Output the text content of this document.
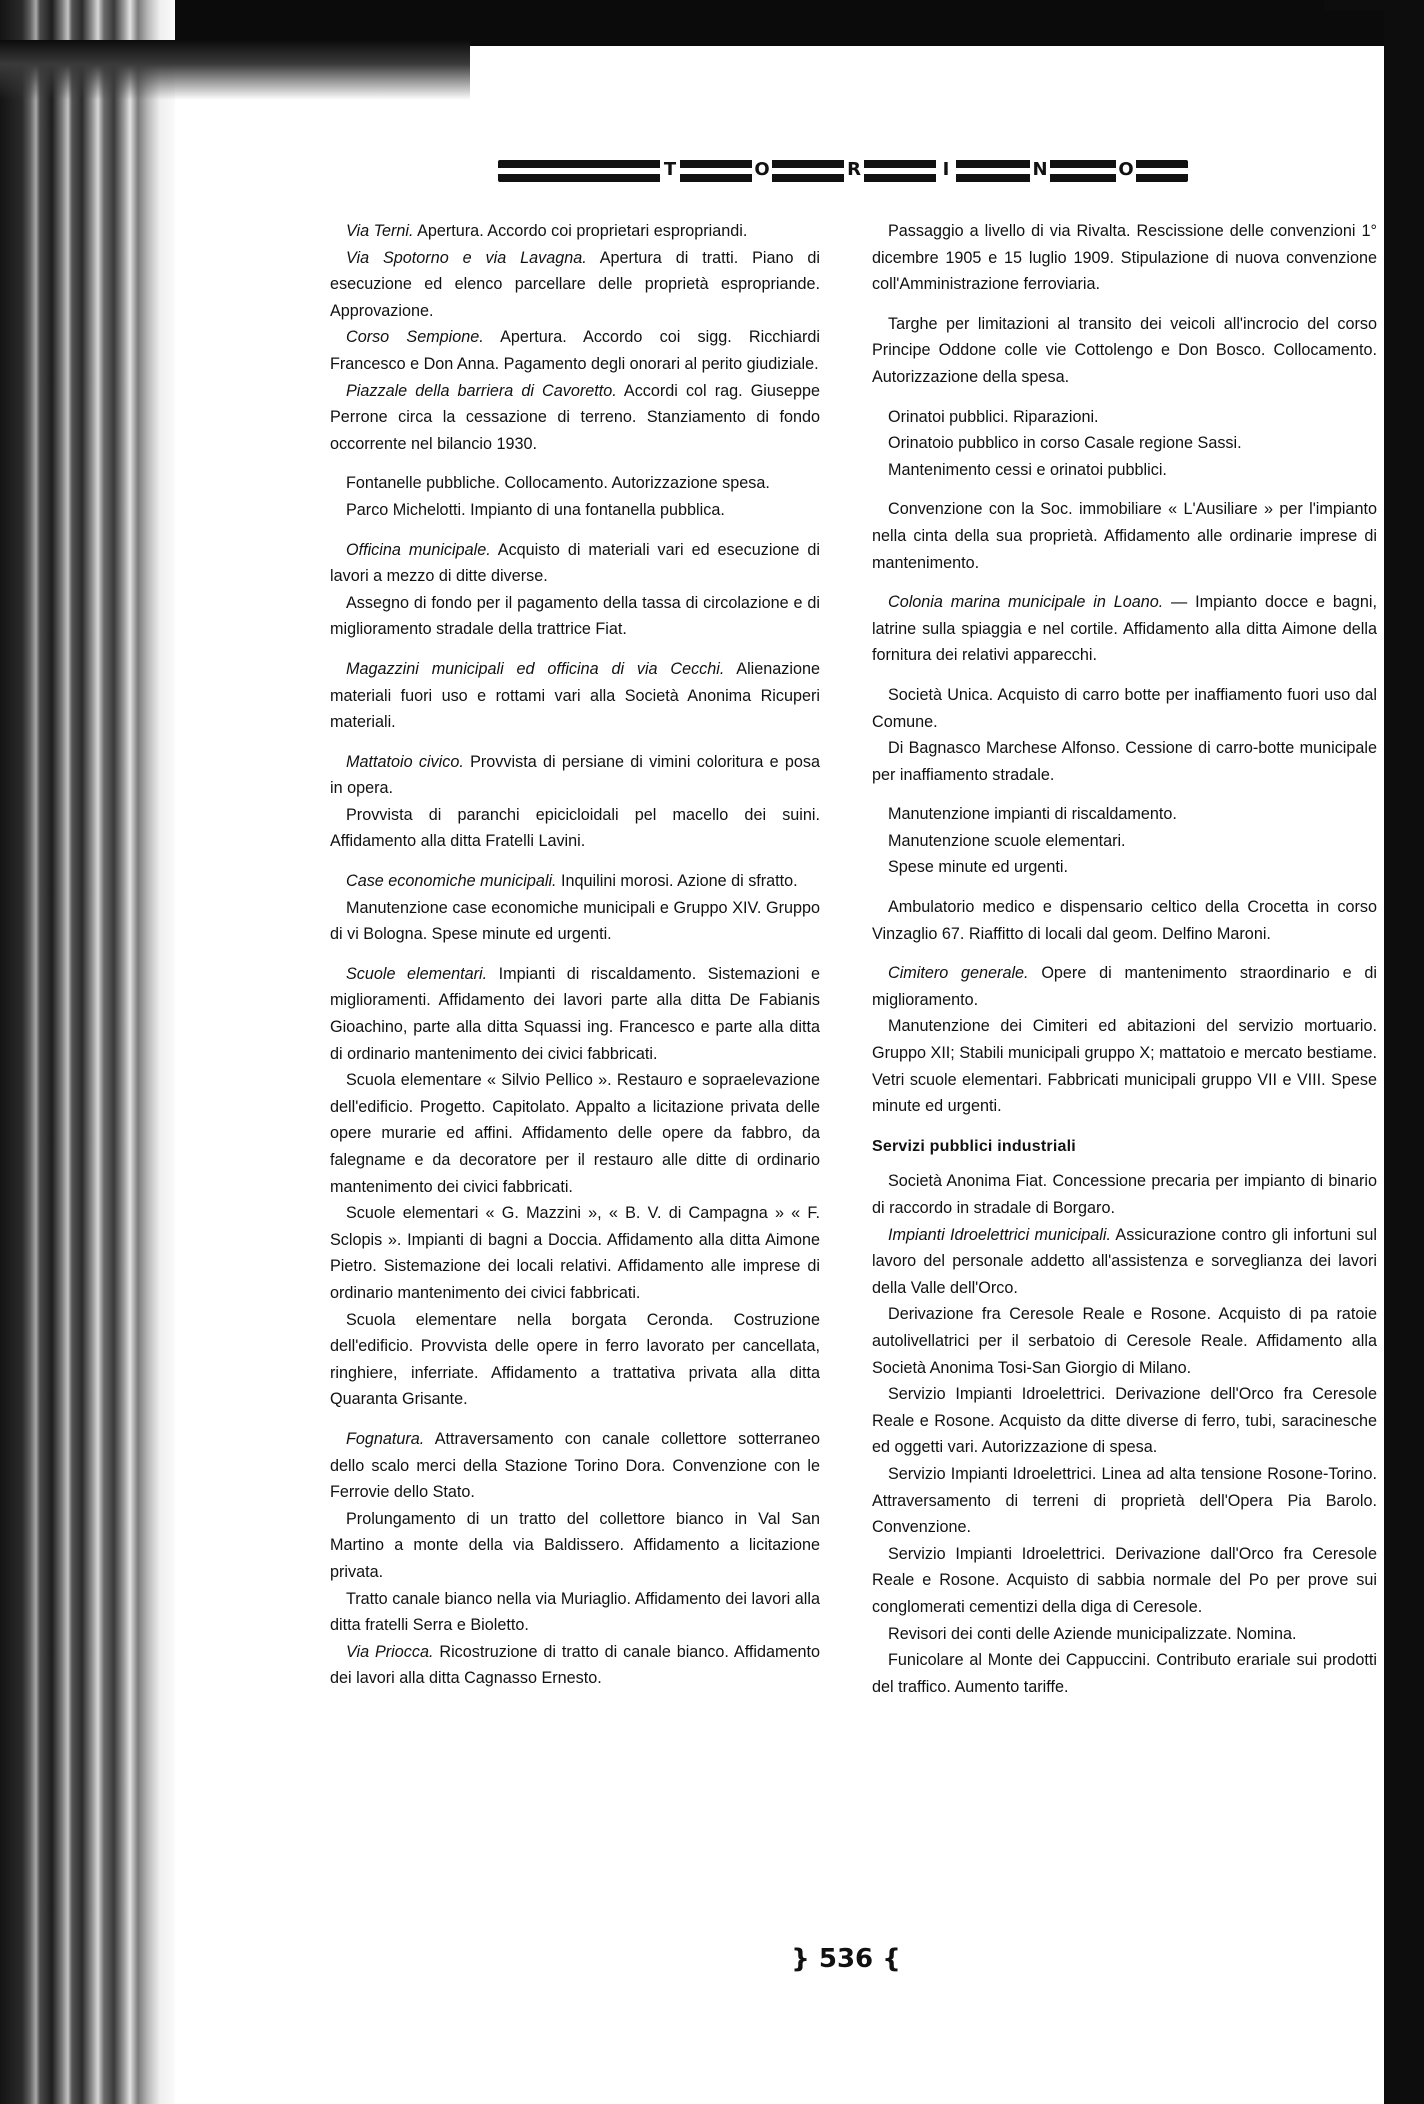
T	O	R	I	N	O

Via Terni. Apertura. Accordo coi proprietari espropriandi.

Via Spotorno e via Lavagna. Apertura di tratti. Piano di esecuzione ed elenco parcellare delle proprietà espropriande. Approvazione.

Corso Sempione. Apertura. Accordo coi sigg. Ricchiardi Francesco e Don Anna. Pagamento degli onorari al perito giudiziale.

Piazzale della barriera di Cavoretto. Accordi col rag. Giuseppe Perrone circa la cessazione di terreno. Stanziamento di fondo occorrente nel bilancio 1930.

Fontanelle pubbliche. Collocamento. Autorizzazione spesa.

Parco Michelotti. Impianto di una fontanella pubblica.

Officina municipale. Acquisto di materiali vari ed esecuzione di lavori a mezzo di ditte diverse.

Assegno di fondo per il pagamento della tassa di circolazione e di miglioramento stradale della trattrice Fiat.

Magazzini municipali ed officina di via Cecchi. Alienazione materiali fuori uso e rottami vari alla Società Anonima Ricuperi materiali.

Mattatoio civico. Provvista di persiane di vimini coloritura e posa in opera.

Provvista di paranchi epicicloidali pel macello dei suini. Affidamento alla ditta Fratelli Lavini.

Case economiche municipali. Inquilini morosi. Azione di sfratto.

Manutenzione case economiche municipali e Gruppo XIV. Gruppo di vi Bologna. Spese minute ed urgenti.

Scuole elementari. Impianti di riscaldamento. Sistemazioni e miglioramenti. Affidamento dei lavori parte alla ditta De Fabianis Gioachino, parte alla ditta Squassi ing. Francesco e parte alla ditta di ordinario mantenimento dei civici fabbricati.

Scuola elementare « Silvio Pellico ». Restauro e sopraelevazione dell'edificio. Progetto. Capitolato. Appalto a licitazione privata delle opere murarie ed affini. Affidamento delle opere da fabbro, da falegname e da decoratore per il restauro alle ditte di ordinario mantenimento dei civici fabbricati.

Scuole elementari « G. Mazzini », « B. V. di Campagna » « F. Sclopis ». Impianti di bagni a Doccia. Affidamento alla ditta Aimone Pietro. Sistemazione dei locali relativi. Affidamento alle imprese di ordinario mantenimento dei civici fabbricati.

Scuola elementare nella borgata Ceronda. Costruzione dell'edificio. Provvista delle opere in ferro lavorato per cancellata, ringhiere, inferriate. Affidamento a trattativa privata alla ditta Quaranta Grisante.

Fognatura. Attraversamento con canale collettore sotterraneo dello scalo merci della Stazione Torino Dora. Convenzione con le Ferrovie dello Stato.

Prolungamento di un tratto del collettore bianco in Val San Martino a monte della via Baldissero. Affidamento a licitazione privata.

Tratto canale bianco nella via Muriaglio. Affidamento dei lavori alla ditta fratelli Serra e Bioletto.

Via Priocca. Ricostruzione di tratto di canale bianco. Affidamento dei lavori alla ditta Cagnasso Ernesto.

Passaggio a livello di via Rivalta. Rescissione delle convenzioni 1° dicembre 1905 e 15 luglio 1909. Stipulazione di nuova convenzione coll'Amministrazione ferroviaria.

Targhe per limitazioni al transito dei veicoli all'incrocio del corso Principe Oddone colle vie Cottolengo e Don Bosco. Collocamento. Autorizzazione della spesa.

Orinatoi pubblici. Riparazioni.

Orinatoio pubblico in corso Casale regione Sassi.

Mantenimento cessi e orinatoi pubblici.

Convenzione con la Soc. immobiliare « L'Ausiliare » per l'impianto nella cinta della sua proprietà. Affidamento alle ordinarie imprese di mantenimento.

Colonia marina municipale in Loano. — Impianto docce e bagni, latrine sulla spiaggia e nel cortile. Affidamento alla ditta Aimone della fornitura dei relativi apparecchi.

Società Unica. Acquisto di carro botte per inaffiamento fuori uso dal Comune.

Di Bagnasco Marchese Alfonso. Cessione di carro-botte municipale per inaffiamento stradale.

Manutenzione impianti di riscaldamento.

Manutenzione scuole elementari.

Spese minute ed urgenti.

Ambulatorio medico e dispensario celtico della Crocetta in corso Vinzaglio 67. Riaffitto di locali dal geom. Delfino Maroni.

Cimitero generale. Opere di mantenimento straordinario e di miglioramento.

Manutenzione dei Cimiteri ed abitazioni del servizio mortuario. Gruppo XII; Stabili municipali gruppo X; mattatoio e mercato bestiame. Vetri scuole elementari. Fabbricati municipali gruppo VII e VIII. Spese minute ed urgenti.

Servizi pubblici industriali

Società Anonima Fiat. Concessione precaria per impianto di binario di raccordo in stradale di Borgaro.

Impianti Idroelettrici municipali. Assicurazione contro gli infortuni sul lavoro del personale addetto all'assistenza e sorveglianza dei lavori della Valle dell'Orco.

Derivazione fra Ceresole Reale e Rosone. Acquisto di pa ratoie autolivellatrici per il serbatoio di Ceresole Reale. Affidamento alla Società Anonima Tosi-San Giorgio di Milano.

Servizio Impianti Idroelettrici. Derivazione dell'Orco fra Ceresole Reale e Rosone. Acquisto da ditte diverse di ferro, tubi, saracinesche ed oggetti vari. Autorizzazione di spesa.

Servizio Impianti Idroelettrici. Linea ad alta tensione Rosone-Torino. Attraversamento di terreni di proprietà dell'Opera Pia Barolo. Convenzione.

Servizio Impianti Idroelettrici. Derivazione dall'Orco fra Ceresole Reale e Rosone. Acquisto di sabbia normale del Po per prove sui conglomerati cementizi della diga di Ceresole.

Revisori dei conti delle Aziende municipalizzate. Nomina.

Funicolare al Monte dei Cappuccini. Contributo erariale sui prodotti del traffico. Aumento tariffe.

} 536 {
